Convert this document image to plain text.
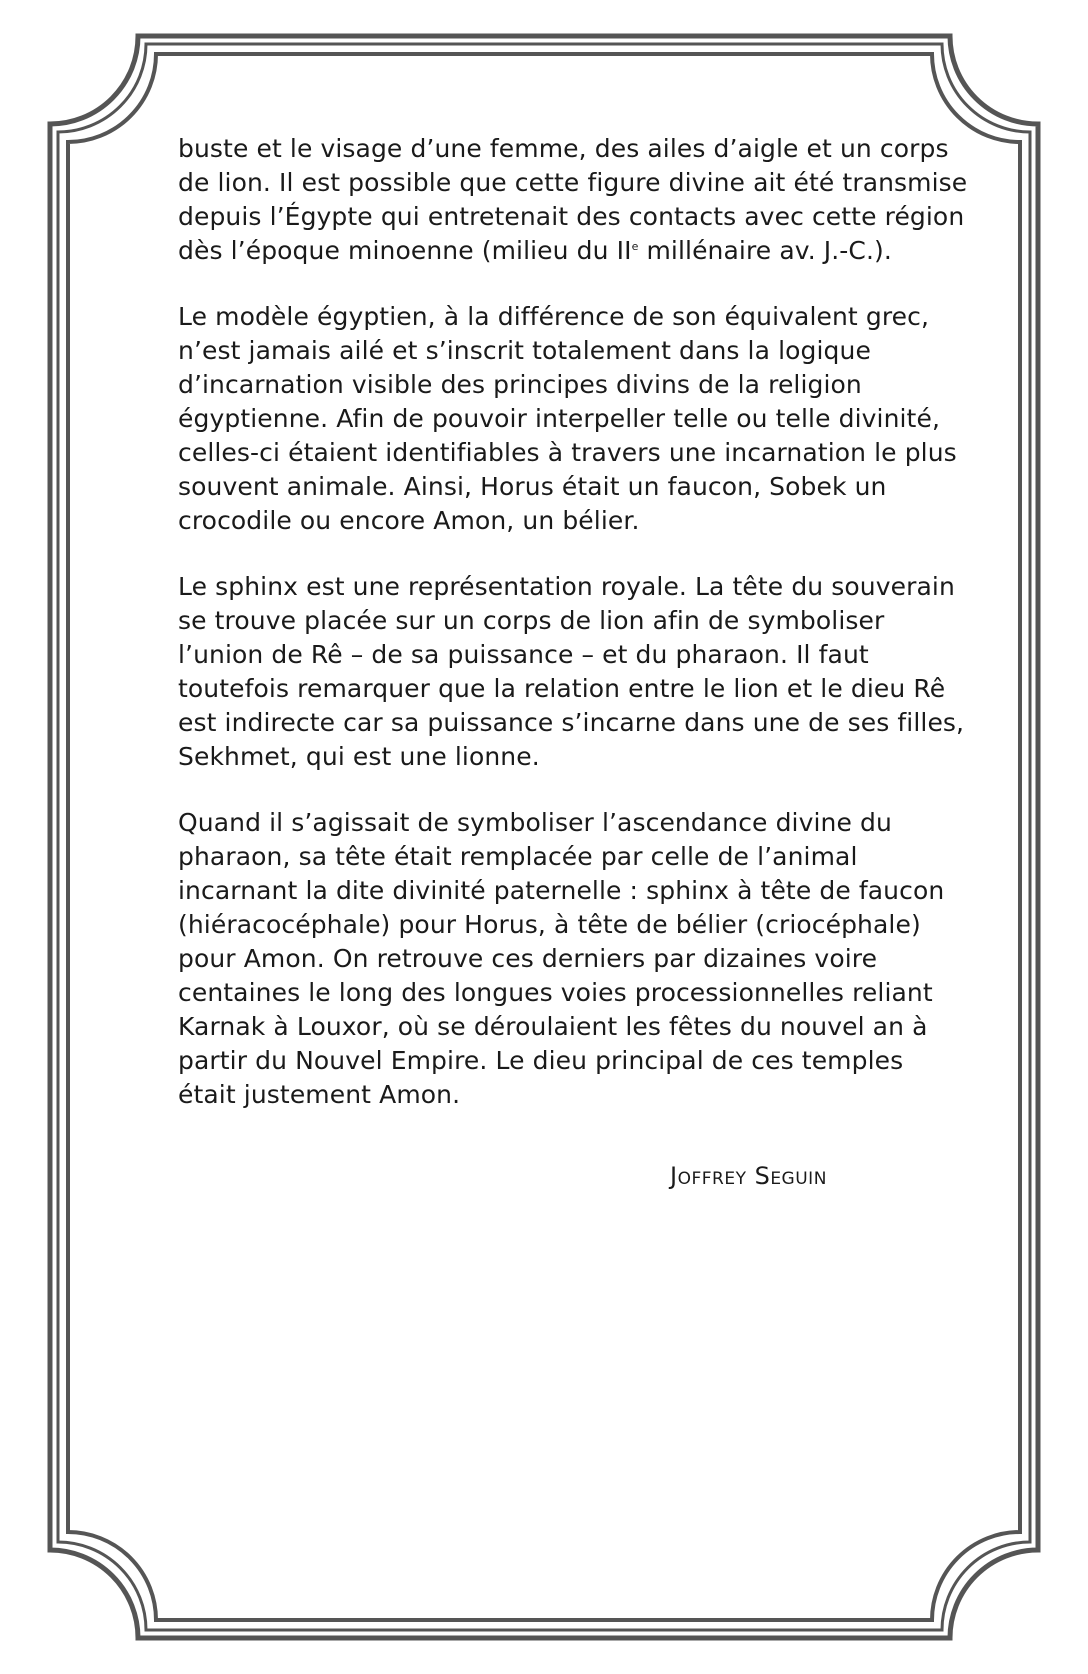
buste et le visage d’une femme, des ailes d’aigle et un corps de lion. Il est possible que cette figure divine ait été transmise depuis l’Égypte qui entretenait des contacts avec cette région dès l’époque minoenne (milieu du IIe millénaire av. J.-C.).

Le modèle égyptien, à la différence de son équivalent grec, n’est jamais ailé et s’inscrit totalement dans la logique d’incarnation visible des principes divins de la religion égyptienne. Afin de pouvoir interpeller telle ou telle divinité, celles-ci étaient identifiables à travers une incarnation le plus souvent animale. Ainsi, Horus était un faucon, Sobek un crocodile ou encore Amon, un bélier.

Le sphinx est une représentation royale. La tête du souverain se trouve placée sur un corps de lion afin de symboliser l’union de Rê – de sa puissance – et du pharaon. Il faut toutefois remarquer que la relation entre le lion et le dieu Rê est indirecte car sa puissance s’incarne dans une de ses filles, Sekhmet, qui est une lionne.

Quand il s’agissait de symboliser l’ascendance divine du pharaon, sa tête était remplacée par celle de l’animal incarnant la dite divinité paternelle : sphinx à tête de faucon (hiéracocéphale) pour Horus, à tête de bélier (criocéphale) pour Amon. On retrouve ces derniers par dizaines voire centaines le long des longues voies processionnelles reliant Karnak à Louxor, où se déroulaient les fêtes du nouvel an à partir du Nouvel Empire. Le dieu principal de ces temples était justement Amon.

Joffrey Seguin
